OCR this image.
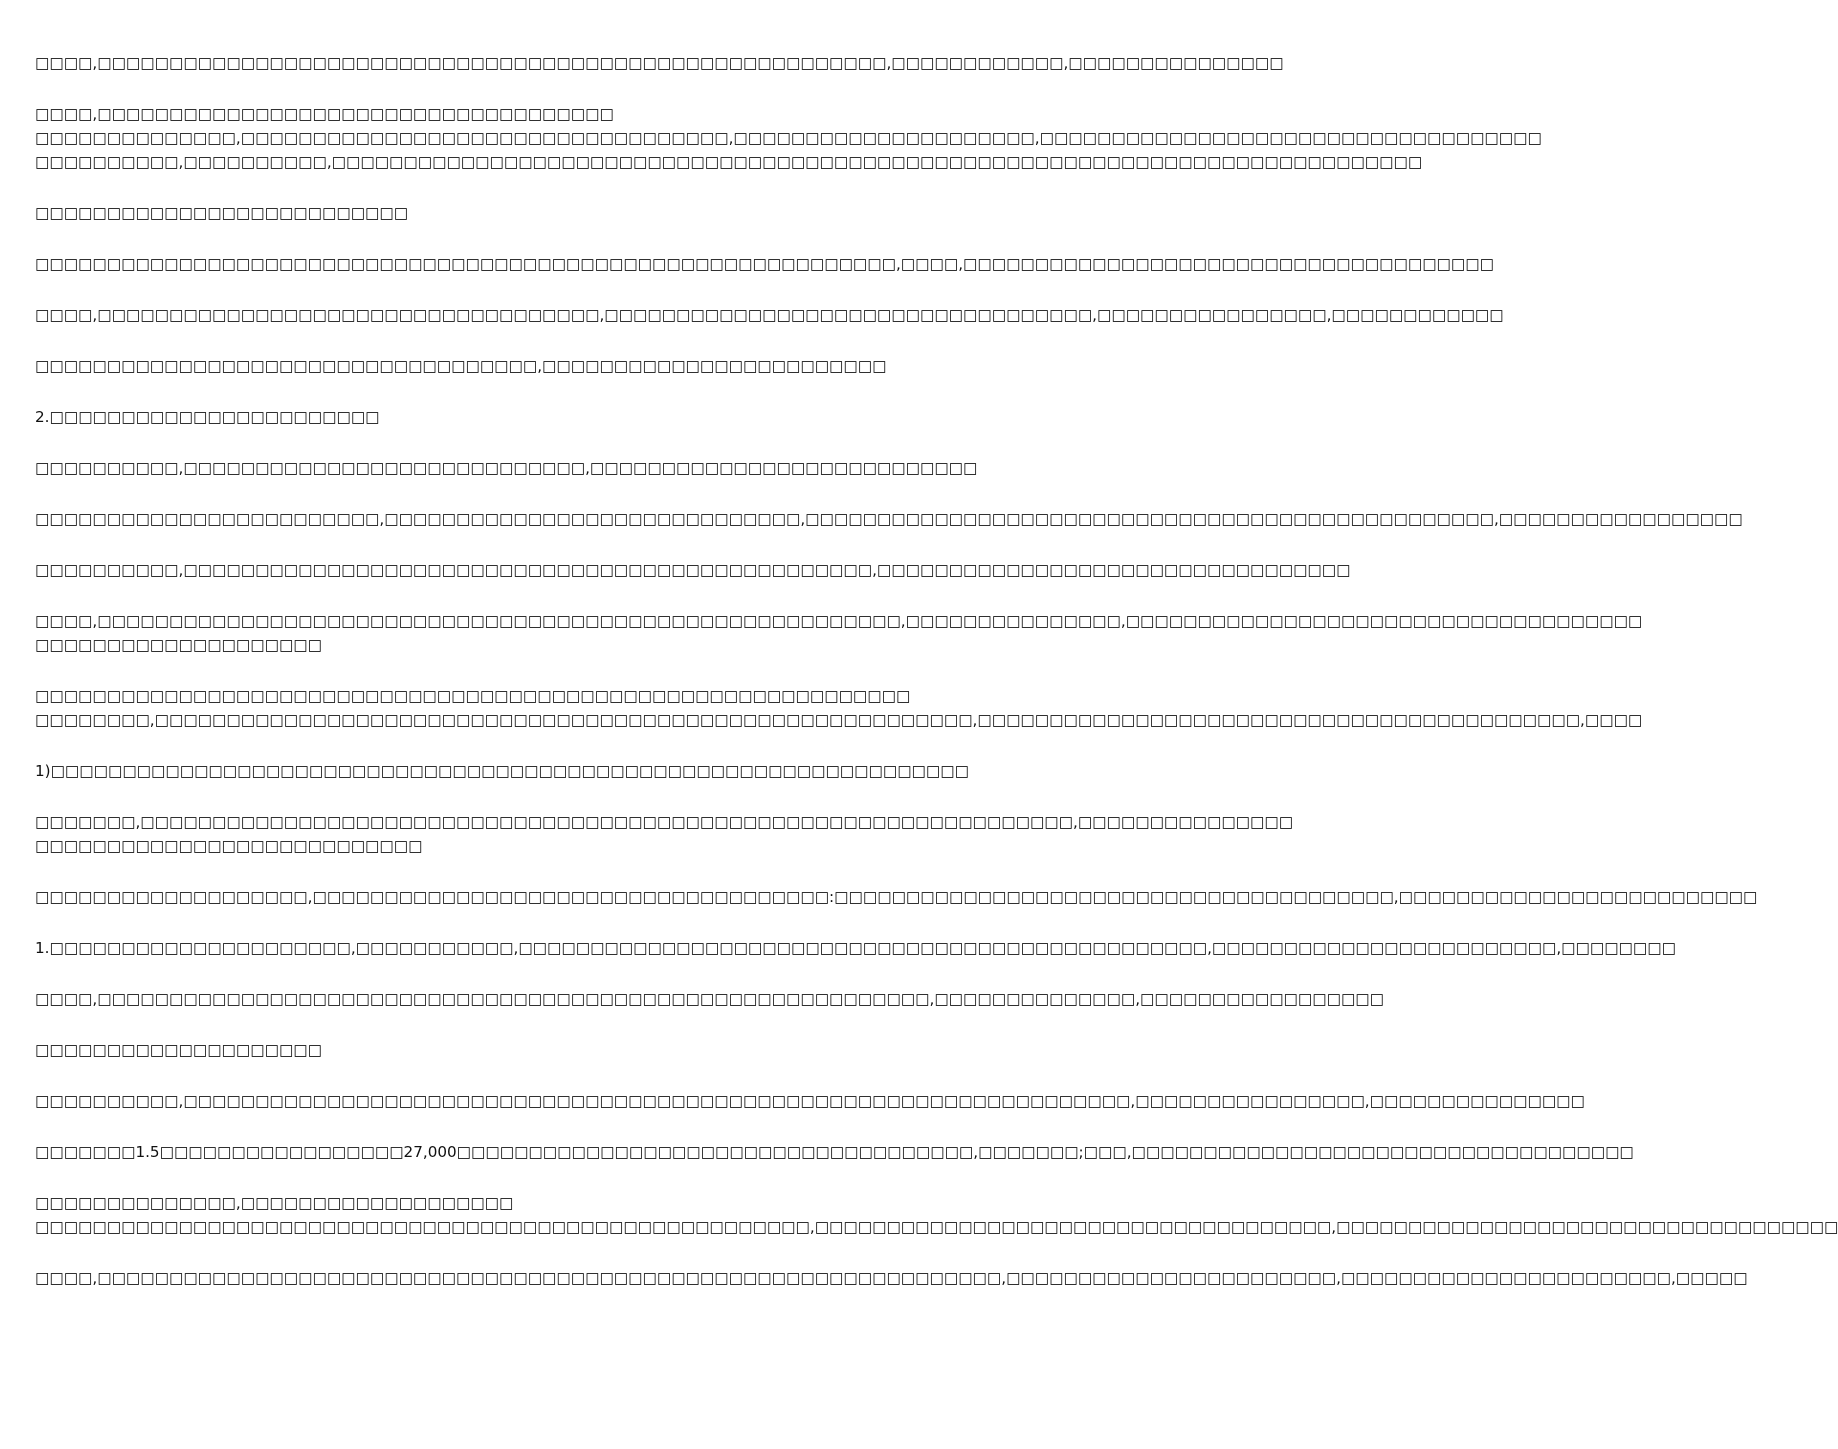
□□□□,□□□□□□□□□□□□□□□□□□□□□□□□□□□□□□□□□□□□□□□□□□□□□□□□□□□□□□□,□□□□□□□□□□□□,□□□□□□□□□□□□□□□
□□□□,□□□□□□□□□□□□□□□□□□□□□□□□□□□□□□□□□□□□
□□□□□□□□□□□□□□,□□□□□□□□□□□□□□□□□□□□□□□□□□□□□□□□□□,□□□□□□□□□□□□□□□□□□□□□,□□□□□□□□□□□□□□□□□□□□□□□□□□□□□□□□□□□
□□□□□□□□□□,□□□□□□□□□□,□□□□□□□□□□□□□□□□□□□□□□□□□□□□□□□□□□□□□□□□□□□□□□□□□□□□□□□□□□□□□□□□□□□□□□□□□□□□
□□□□□□□□□□□□□□□□□□□□□□□□□□
□□□□□□□□□□□□□□□□□□□□□□□□□□□□□□□□□□□□□□□□□□□□□□□□□□□□□□□□□□□□,□□□□,□□□□□□□□□□□□□□□□□□□□□□□□□□□□□□□□□□□□□
□□□□,□□□□□□□□□□□□□□□□□□□□□□□□□□□□□□□□□□□,□□□□□□□□□□□□□□□□□□□□□□□□□□□□□□□□□□,□□□□□□□□□□□□□□□□,□□□□□□□□□□□□
□□□□□□□□□□□□□□□□□□□□□□□□□□□□□□□□□□□,□□□□□□□□□□□□□□□□□□□□□□□□
2.□□□□□□□□□□□□□□□□□□□□□□□
□□□□□□□□□□,□□□□□□□□□□□□□□□□□□□□□□□□□□□□,□□□□□□□□□□□□□□□□□□□□□□□□□□□
□□□□□□□□□□□□□□□□□□□□□□□□,□□□□□□□□□□□□□□□□□□□□□□□□□□□□□,□□□□□□□□□□□□□□□□□□□□□□□□□□□□□□□□□□□□□□□□□□□□□□□□,□□□□□□□□□□□□□□□□□
□□□□□□□□□□,□□□□□□□□□□□□□□□□□□□□□□□□□□□□□□□□□□□□□□□□□□□□□□□□,□□□□□□□□□□□□□□□□□□□□□□□□□□□□□□□□□
□□□□,□□□□□□□□□□□□□□□□□□□□□□□□□□□□□□□□□□□□□□□□□□□□□□□□□□□□□□□□,□□□□□□□□□□□□□□□,□□□□□□□□□□□□□□□□□□□□□□□□□□□□□□□□□□□□
□□□□□□□□□□□□□□□□□□□□
□□□□□□□□□□□□□□□□□□□□□□□□□□□□□□□□□□□□□□□□□□□□□□□□□□□□□□□□□□□□□
□□□□□□□□,□□□□□□□□□□□□□□□□□□□□□□□□□□□□□□□□□□□□□□□□□□□□□□□□□□□□□□□□□,□□□□□□□□□□□□□□□□□□□□□□□□□□□□□□□□□□□□□□□□□□,□□□□
1)□□□□□□□□□□□□□□□□□□□□□□□□□□□□□□□□□□□□□□□□□□□□□□□□□□□□□□□□□□□□□□□□
□□□□□□□,□□□□□□□□□□□□□□□□□□□□□□□□□□□□□□□□□□□□□□□□□□□□□□□□□□□□□□□□□□□□□□□□□,□□□□□□□□□□□□□□□
□□□□□□□□□□□□□□□□□□□□□□□□□□□
□□□□□□□□□□□□□□□□□□□,□□□□□□□□□□□□□□□□□□□□□□□□□□□□□□□□□□□□:□□□□□□□□□□□□□□□□□□□□□□□□□□□□□□□□□□□□□□□,□□□□□□□□□□□□□□□□□□□□□□□□□
1.□□□□□□□□□□□□□□□□□□□□□,□□□□□□□□□□□,□□□□□□□□□□□□□□□□□□□□□□□□□□□□□□□□□□□□□□□□□□□□□□□□,□□□□□□□□□□□□□□□□□□□□□□□□,□□□□□□□□
□□□□,□□□□□□□□□□□□□□□□□□□□□□□□□□□□□□□□□□□□□□□□□□□□□□□□□□□□□□□□□□,□□□□□□□□□□□□□□,□□□□□□□□□□□□□□□□□
□□□□□□□□□□□□□□□□□□□□
□□□□□□□□□□,□□□□□□□□□□□□□□□□□□□□□□□□□□□□□□□□□□□□□□□□□□□□□□□□□□□□□□□□□□□□□□□□□□,□□□□□□□□□□□□□□□□,□□□□□□□□□□□□□□□
□□□□□□□1.5□□□□□□□□□□□□□□□□□27,000□□□□□□□□□□□□□□□□□□□□□□□□□□□□□□□□□□□□,□□□□□□□;□□□,□□□□□□□□□□□□□□□□□□□□□□□□□□□□□□□□□□□
□□□□□□□□□□□□□□,□□□□□□□□□□□□□□□□□□□
□□□□□□□□□□□□□□□□□□□□□□□□□□□□□□□□□□□□□□□□□□□□□□□□□□□□□□,□□□□□□□□□□□□□□□□□□□□□□□□□□□□□□□□□□□□,□□□□□□□□□□□□□□□□□□□□□□□□□□□□□□□□□□□
□□□□,□□□□□□□□□□□□□□□□□□□□□□□□□□□□□□□□□□□□□□□□□□□□□□□□□□□□□□□□□□□□□□□,□□□□□□□□□□□□□□□□□□□□□□□,□□□□□□□□□□□□□□□□□□□□□□□,□□□□□
